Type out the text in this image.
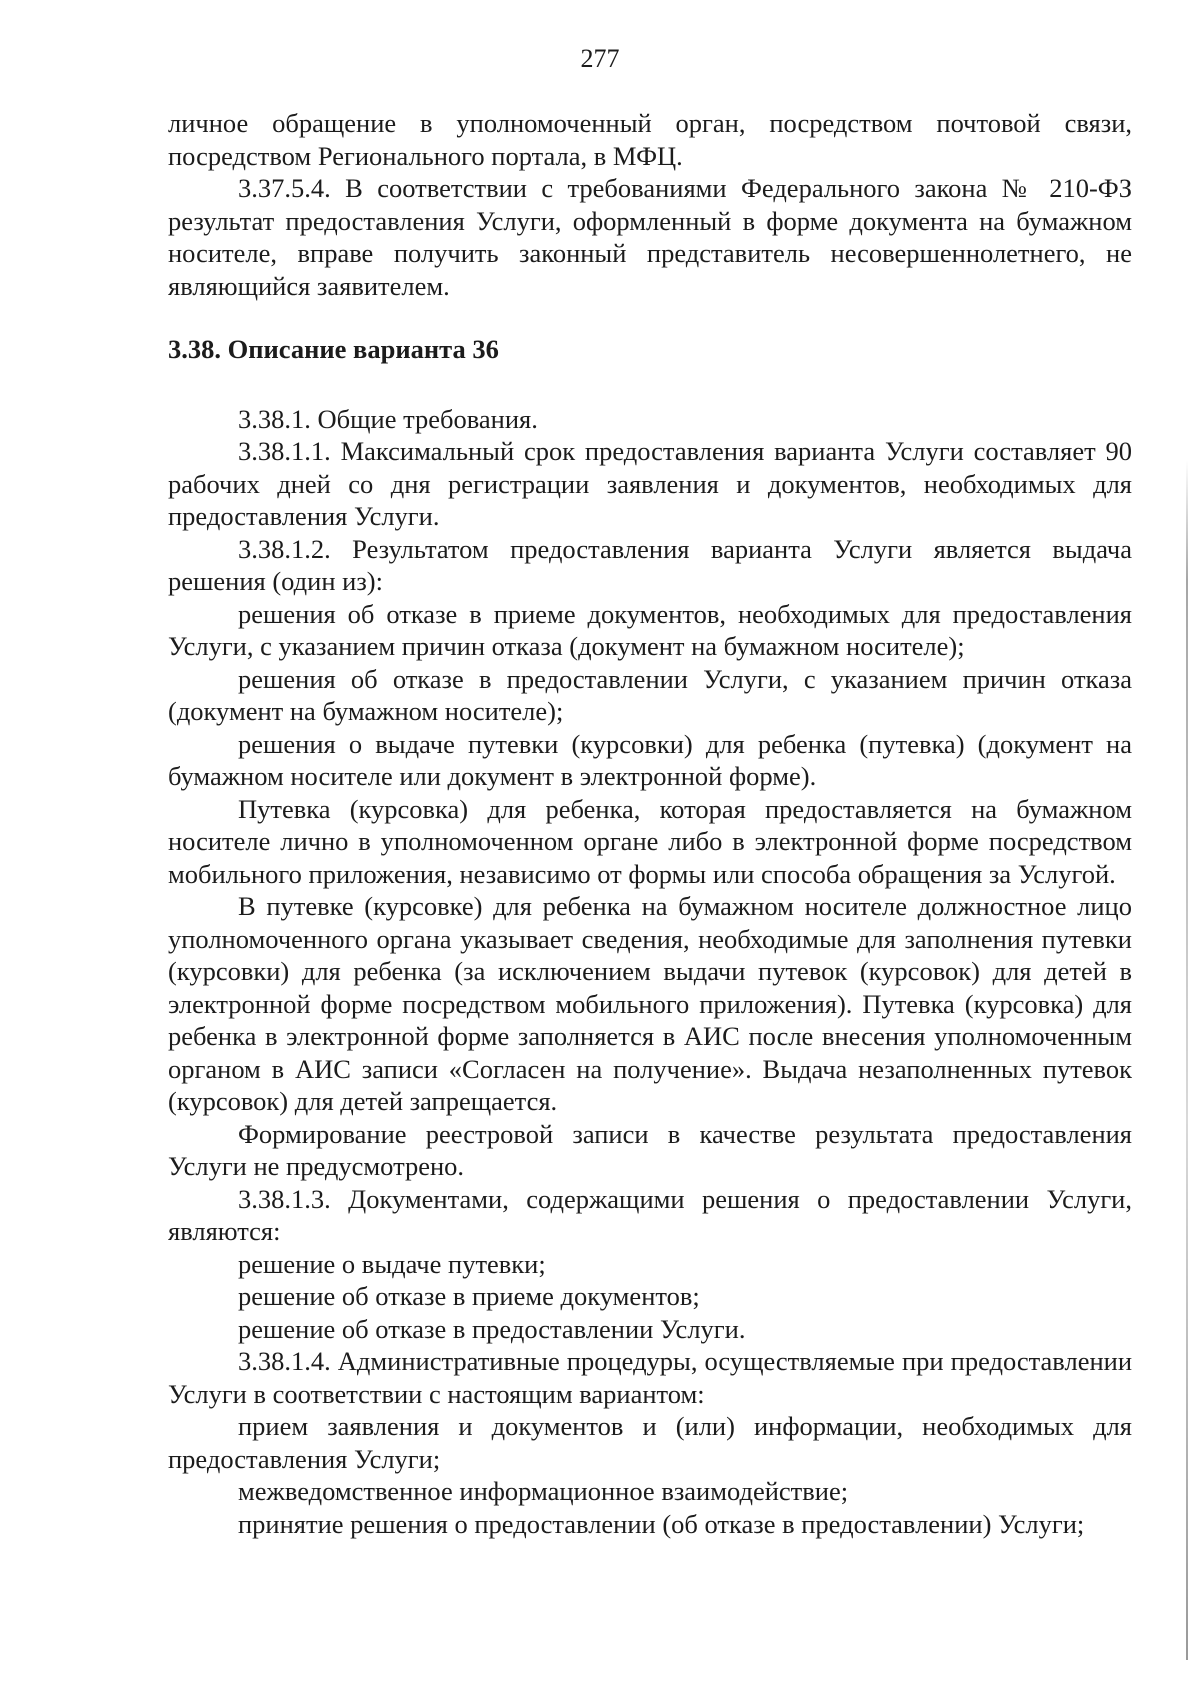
277

личное обращение в уполномоченный орган, посредством почтовой связи, посредством Регионального портала, в МФЦ.

3.37.5.4. В соответствии с требованиями Федерального закона № 210-ФЗ результат предоставления Услуги, оформленный в форме документа на бумажном носителе, вправе получить законный представитель несовершеннолетнего, не являющийся заявителем.

3.38. Описание варианта 36

3.38.1. Общие требования.

3.38.1.1. Максимальный срок предоставления варианта Услуги составляет 90 рабочих дней со дня регистрации заявления и документов, необходимых для предоставления Услуги.

3.38.1.2. Результатом предоставления варианта Услуги является выдача решения (один из):

решения об отказе в приеме документов, необходимых для предоставления Услуги, с указанием причин отказа (документ на бумажном носителе);

решения об отказе в предоставлении Услуги, с указанием причин отказа (документ на бумажном носителе);

решения о выдаче путевки (курсовки) для ребенка (путевка) (документ на бумажном носителе или документ в электронной форме).

Путевка (курсовка) для ребенка, которая предоставляется на бумажном носителе лично в уполномоченном органе либо в электронной форме посредством мобильного приложения, независимо от формы или способа обращения за Услугой.

В путевке (курсовке) для ребенка на бумажном носителе должностное лицо уполномоченного органа указывает сведения, необходимые для заполнения путевки (курсовки) для ребенка (за исключением выдачи путевок (курсовок) для детей в электронной форме посредством мобильного приложения). Путевка (курсовка) для ребенка в электронной форме заполняется в АИС после внесения уполномоченным органом в АИС записи «Согласен на получение». Выдача незаполненных путевок (курсовок) для детей запрещается.

Формирование реестровой записи в качестве результата предоставления Услуги не предусмотрено.

3.38.1.3. Документами, содержащими решения о предоставлении Услуги, являются:

решение о выдаче путевки;

решение об отказе в приеме документов;

решение об отказе в предоставлении Услуги.

3.38.1.4. Административные процедуры, осуществляемые при предоставлении Услуги в соответствии с настоящим вариантом:

прием заявления и документов и (или) информации, необходимых для предоставления Услуги;

межведомственное информационное взаимодействие;

принятие решения о предоставлении (об отказе в предоставлении) Услуги;
